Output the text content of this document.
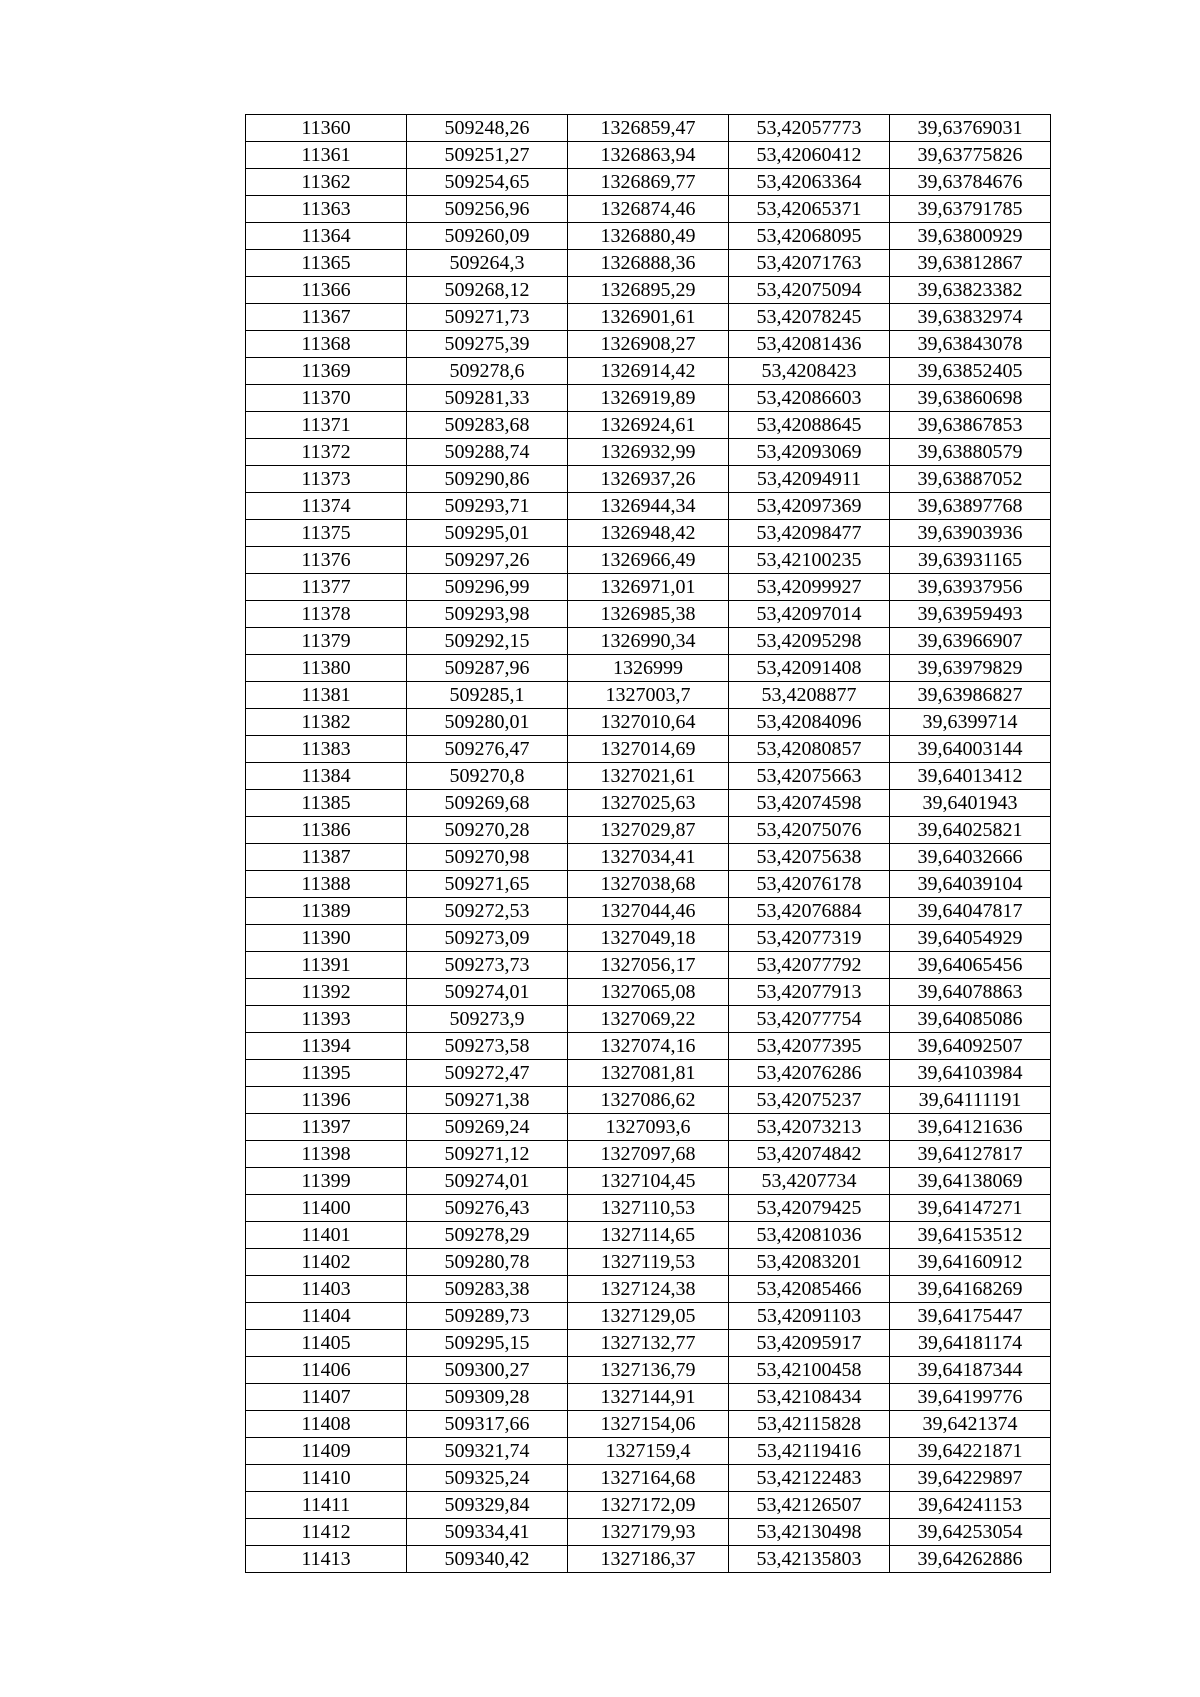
11360	509248,26	1326859,47	53,42057773	39,63769031
11361	509251,27	1326863,94	53,42060412	39,63775826
11362	509254,65	1326869,77	53,42063364	39,63784676
11363	509256,96	1326874,46	53,42065371	39,63791785
11364	509260,09	1326880,49	53,42068095	39,63800929
11365	509264,3	1326888,36	53,42071763	39,63812867
11366	509268,12	1326895,29	53,42075094	39,63823382
11367	509271,73	1326901,61	53,42078245	39,63832974
11368	509275,39	1326908,27	53,42081436	39,63843078
11369	509278,6	1326914,42	53,4208423	39,63852405
11370	509281,33	1326919,89	53,42086603	39,63860698
11371	509283,68	1326924,61	53,42088645	39,63867853
11372	509288,74	1326932,99	53,42093069	39,63880579
11373	509290,86	1326937,26	53,42094911	39,63887052
11374	509293,71	1326944,34	53,42097369	39,63897768
11375	509295,01	1326948,42	53,42098477	39,63903936
11376	509297,26	1326966,49	53,42100235	39,63931165
11377	509296,99	1326971,01	53,42099927	39,63937956
11378	509293,98	1326985,38	53,42097014	39,63959493
11379	509292,15	1326990,34	53,42095298	39,63966907
11380	509287,96	1326999	53,42091408	39,63979829
11381	509285,1	1327003,7	53,4208877	39,63986827
11382	509280,01	1327010,64	53,42084096	39,6399714
11383	509276,47	1327014,69	53,42080857	39,64003144
11384	509270,8	1327021,61	53,42075663	39,64013412
11385	509269,68	1327025,63	53,42074598	39,6401943
11386	509270,28	1327029,87	53,42075076	39,64025821
11387	509270,98	1327034,41	53,42075638	39,64032666
11388	509271,65	1327038,68	53,42076178	39,64039104
11389	509272,53	1327044,46	53,42076884	39,64047817
11390	509273,09	1327049,18	53,42077319	39,64054929
11391	509273,73	1327056,17	53,42077792	39,64065456
11392	509274,01	1327065,08	53,42077913	39,64078863
11393	509273,9	1327069,22	53,42077754	39,64085086
11394	509273,58	1327074,16	53,42077395	39,64092507
11395	509272,47	1327081,81	53,42076286	39,64103984
11396	509271,38	1327086,62	53,42075237	39,64111191
11397	509269,24	1327093,6	53,42073213	39,64121636
11398	509271,12	1327097,68	53,42074842	39,64127817
11399	509274,01	1327104,45	53,4207734	39,64138069
11400	509276,43	1327110,53	53,42079425	39,64147271
11401	509278,29	1327114,65	53,42081036	39,64153512
11402	509280,78	1327119,53	53,42083201	39,64160912
11403	509283,38	1327124,38	53,42085466	39,64168269
11404	509289,73	1327129,05	53,42091103	39,64175447
11405	509295,15	1327132,77	53,42095917	39,64181174
11406	509300,27	1327136,79	53,42100458	39,64187344
11407	509309,28	1327144,91	53,42108434	39,64199776
11408	509317,66	1327154,06	53,42115828	39,6421374
11409	509321,74	1327159,4	53,42119416	39,64221871
11410	509325,24	1327164,68	53,42122483	39,64229897
11411	509329,84	1327172,09	53,42126507	39,64241153
11412	509334,41	1327179,93	53,42130498	39,64253054
11413	509340,42	1327186,37	53,42135803	39,64262886
